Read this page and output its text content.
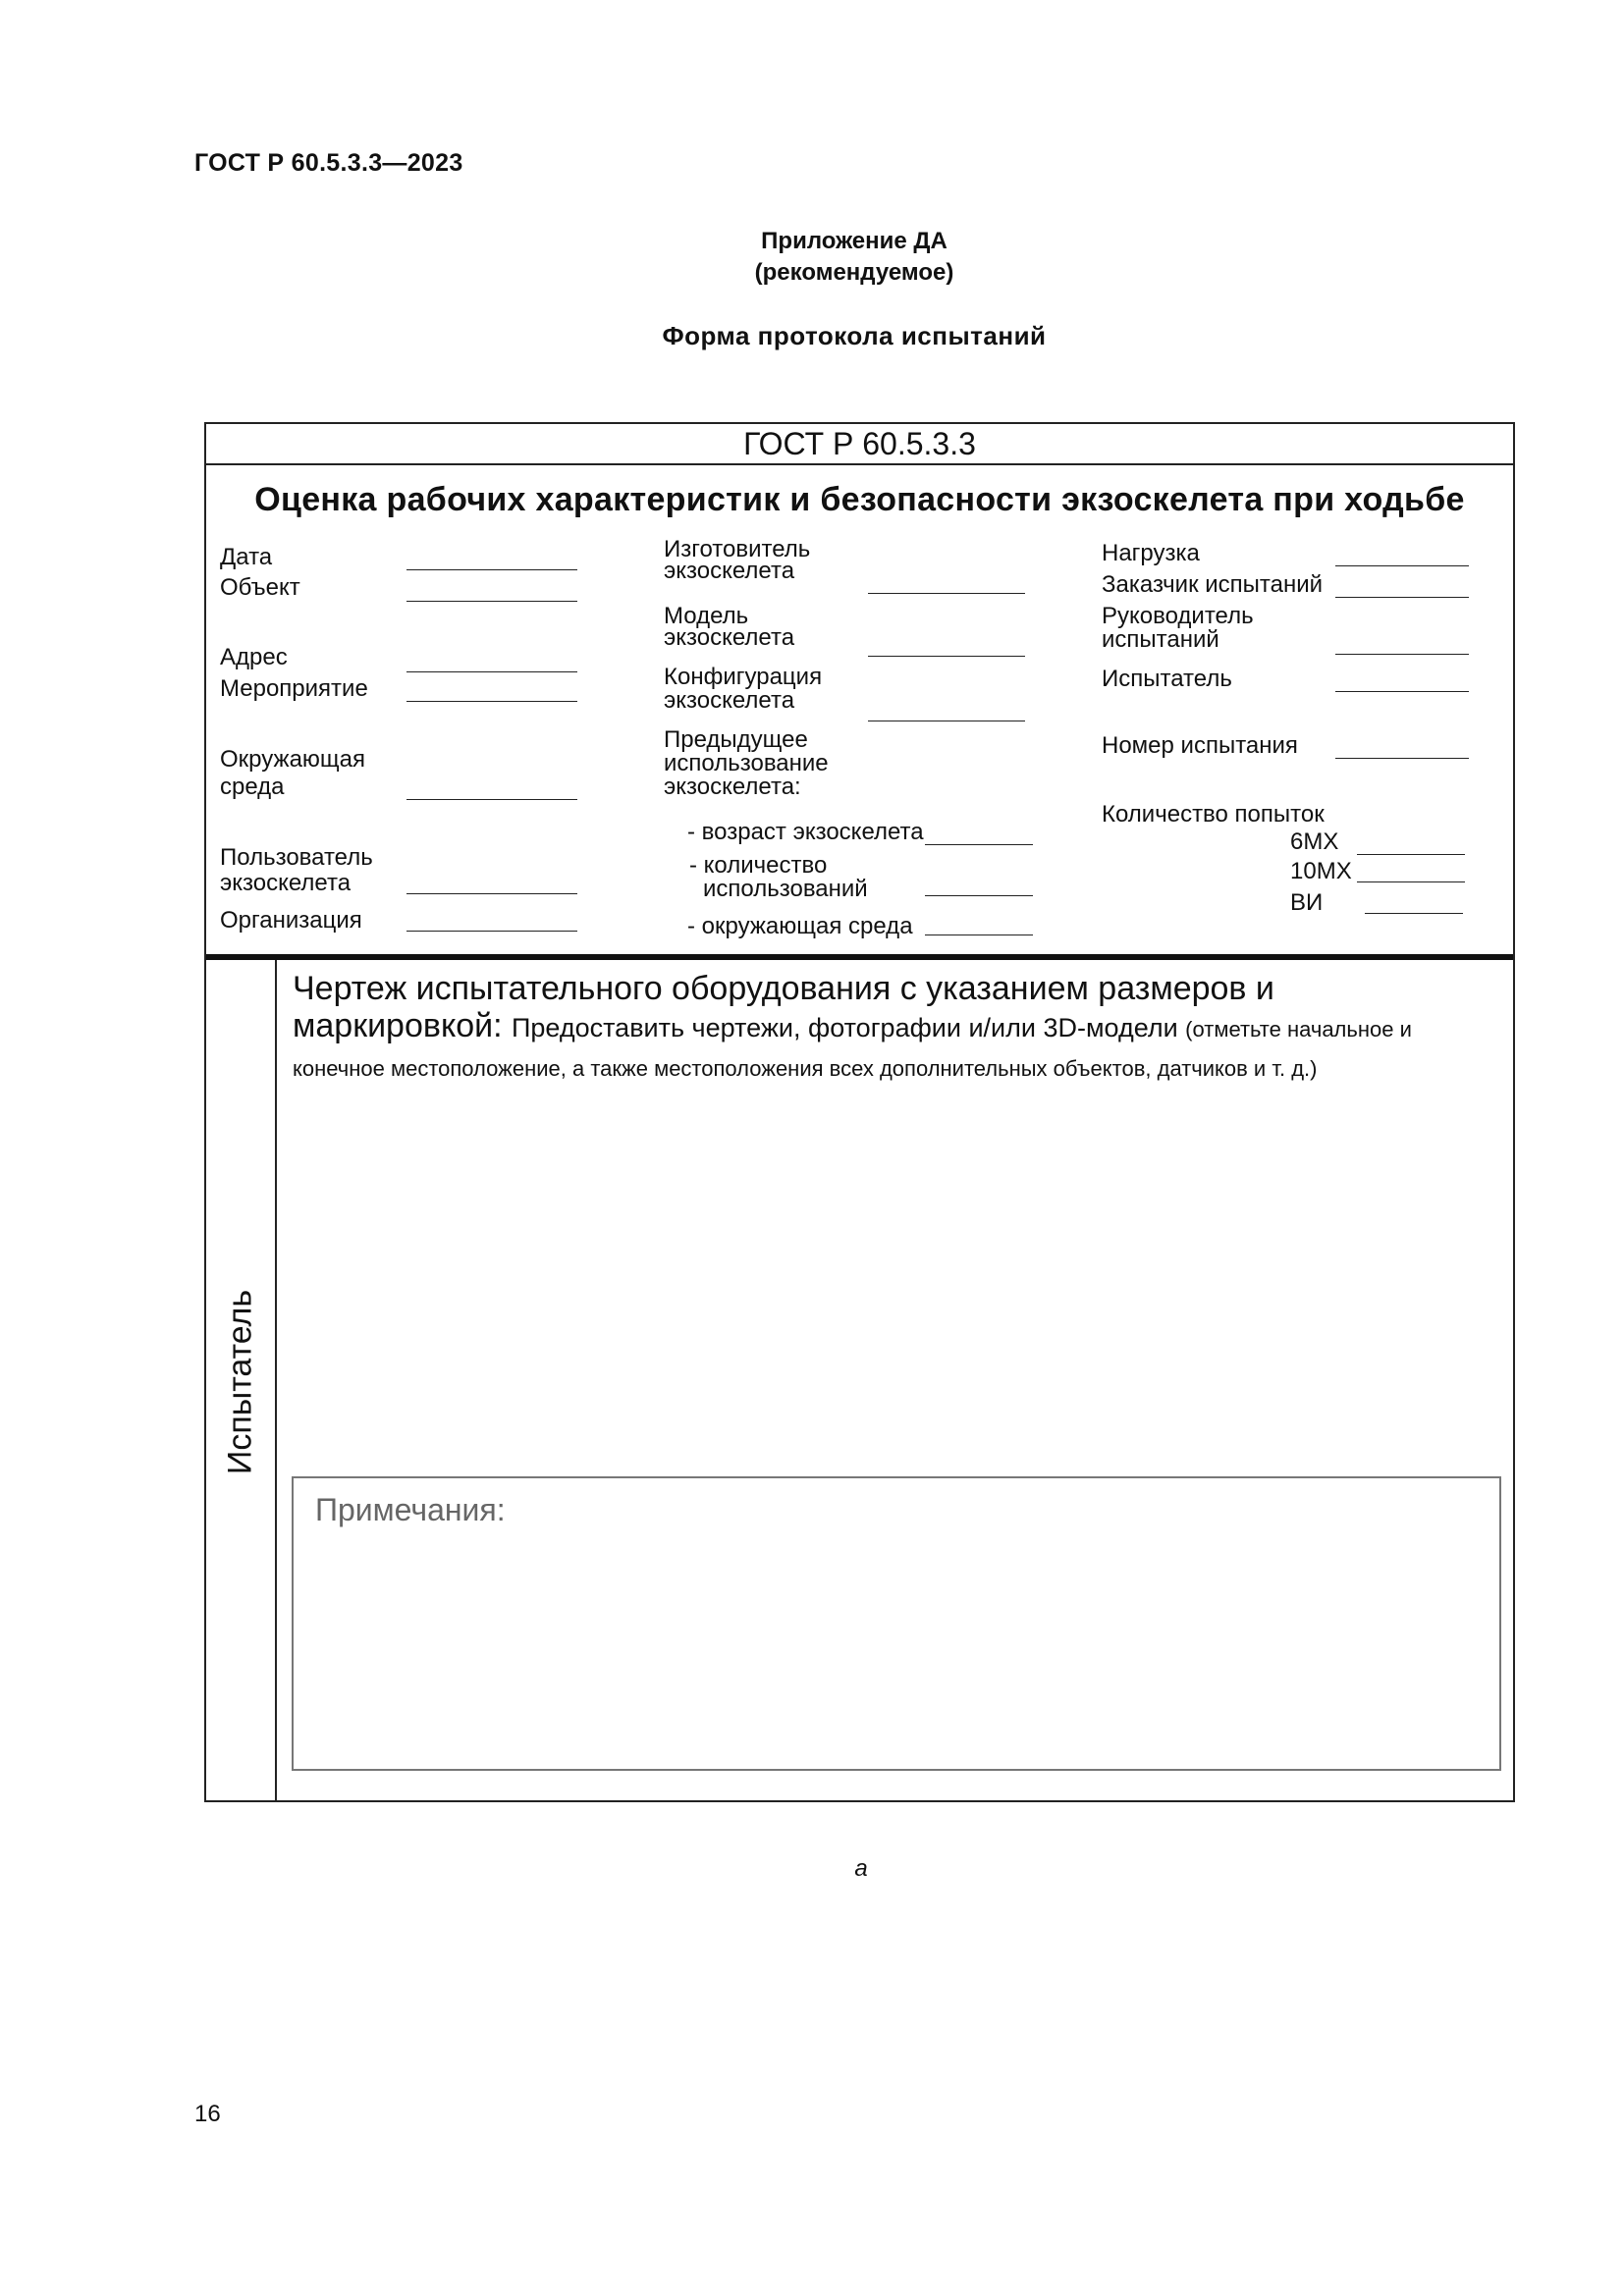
ГОСТ Р 60.5.3.3—2023
Приложение ДА
(рекомендуемое)
Форма протокола испытаний
ГОСТ Р 60.5.3.3
Оценка рабочих характеристик и безопасности экзоскелета при ходьбе
Дата
Объект
Адрес
Мероприятие
Окружающая
среда
Пользователь
экзоскелета
Организация
Изготовитель
экзоскелета
Модель
экзоскелета
Конфигурация
экзоскелета
Предыдущее
использование
экзоскелета:
- возраст экзоскелета
- количество
использований
- окружающая среда
Нагрузка
Заказчик испытаний
Руководитель
испытаний
Испытатель
Номер испытания
Количество попыток
6МХ
10МХ
ВИ
Испытатель
Чертеж испытательного оборудования с указанием размеров и
маркировкой: Предоставить чертежи, фотографии и/или 3D-модели (отметьте начальное и конечное местоположение, а также местоположения всех дополнительных объектов, датчиков и т. д.)
Примечания:
а
16
